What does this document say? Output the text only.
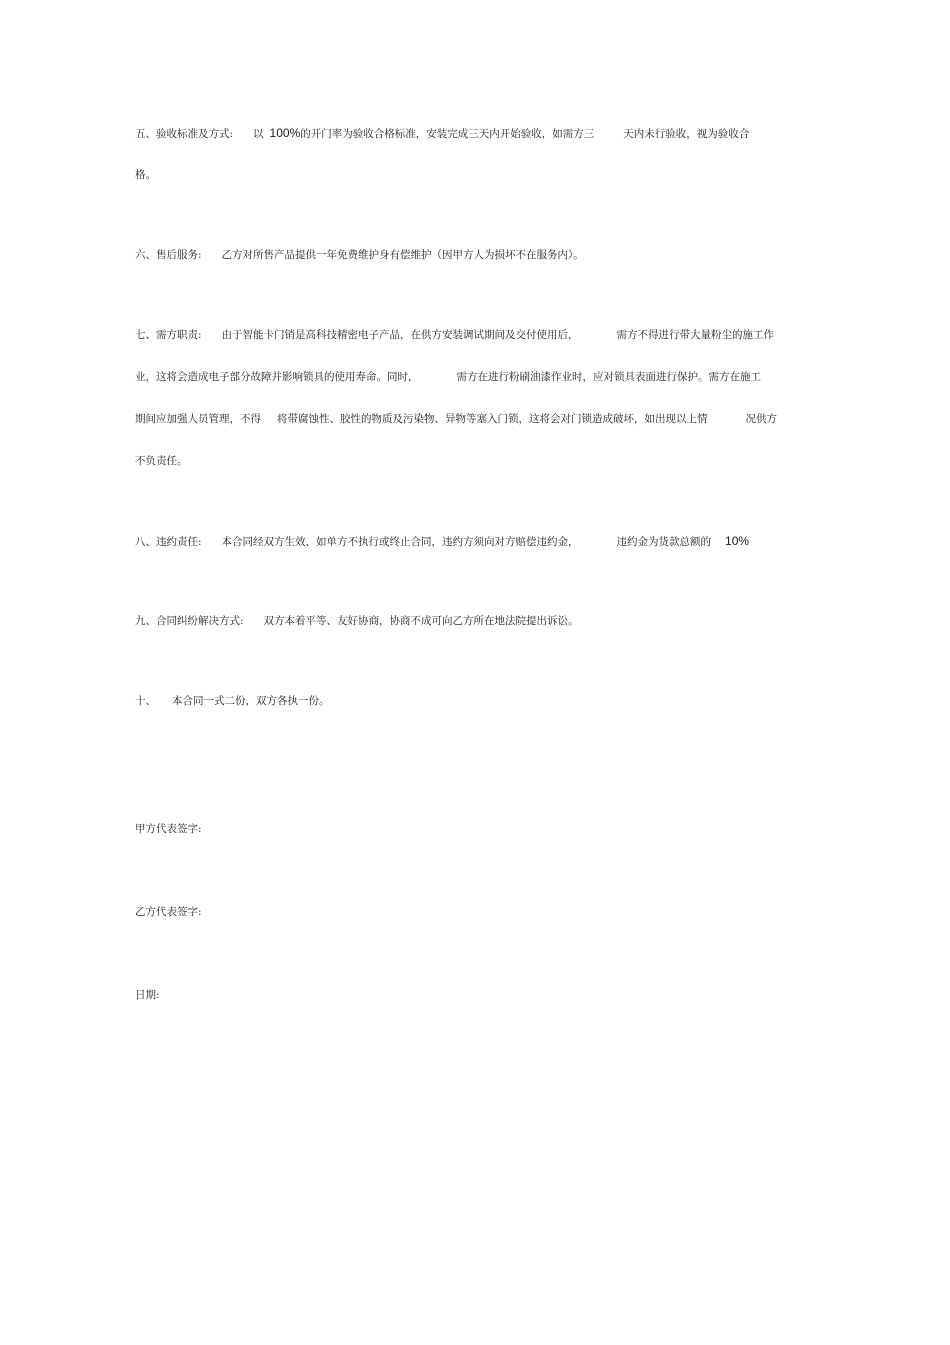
五、验收标准及方式: 以 100%的开门率为验收合格标准，安装完成三天内开始验收，如需方三	天内未行验收，视为验收合
格。
六、售后服务: 乙方对所售产品提供一年免费维护身有偿维护（因甲方人为损坏不在服务内）。
七、需方职责: 由于智能卡门销是高科技精密电子产品，在供方安装调试期间及交付使用后，	需方不得进行带大量粉尘的施工作
业，这将会造成电子部分故障并影响锁具的使用寿命。同时，	需方在进行粉刷油漆作业时，应对锁具表面进行保护。需方在施工
期间应加强人员管理，不得 将带腐蚀性、胶性的物质及污染物、异物等塞入门锁，这将会对门锁造成破坏，如出现以上情	况供方
不负责任。
八、违约责任: 本合同经双方生效，如单方不执行或终止合同，违约方须向对方赔偿违约金，	违约金为货款总额的 10%
九、合同纠纷解决方式: 双方本着平等、友好协商，协商不成可向乙方所在地法院提出诉讼。
十、 本合同一式二份，双方各执一份。
甲方代表签字:
乙方代表签字:
日期:
